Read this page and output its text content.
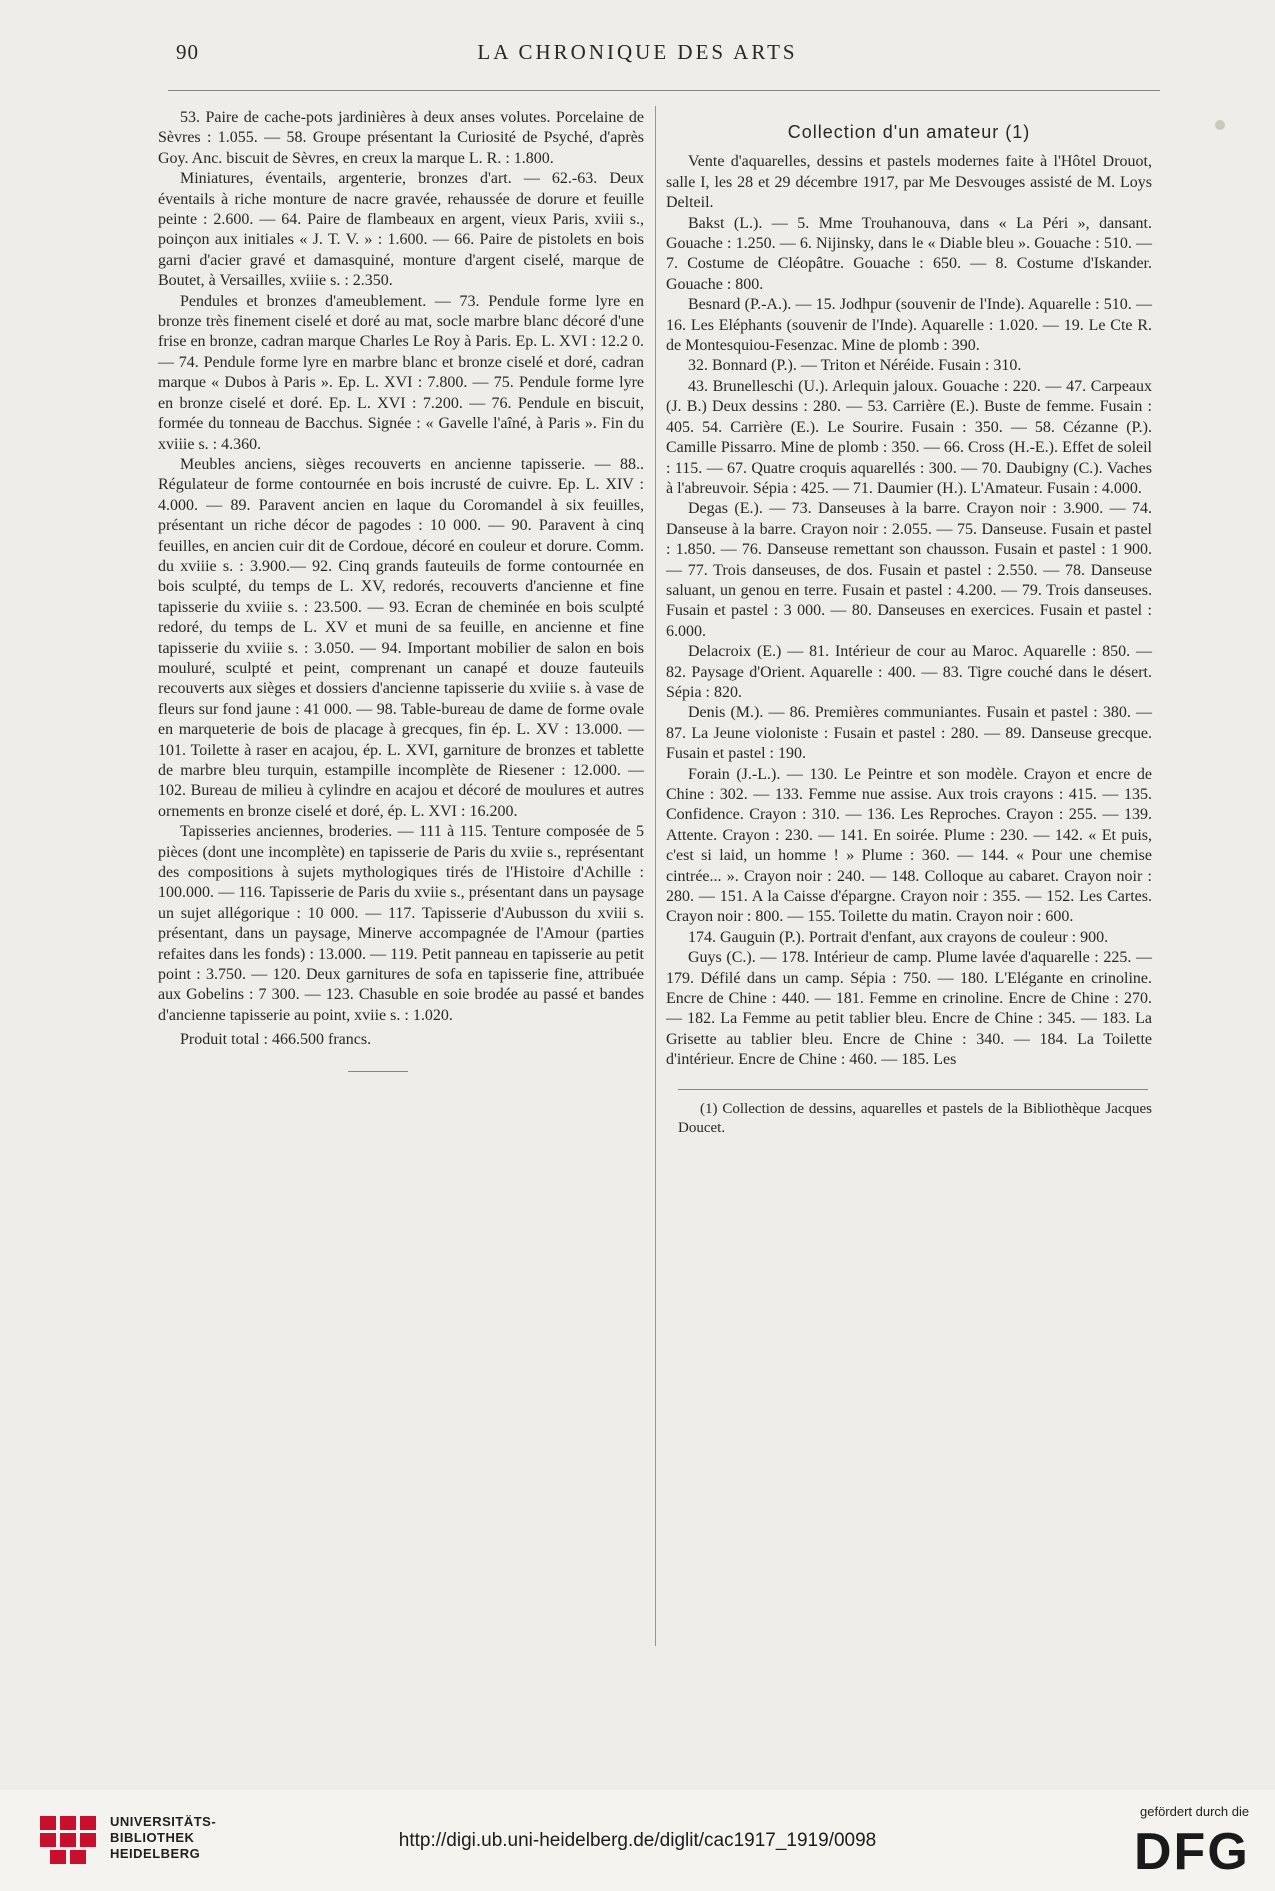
90	LA CHRONIQUE DES ARTS

53. Paire de cache-pots jardinières à deux anses volutes. Porcelaine de Sèvres : 1.055. — 58. Groupe présentant la Curiosité de Psyché, d'après Goy. Anc. biscuit de Sèvres, en creux la marque L. R. : 1.800.

Miniatures, éventails, argenterie, bronzes d'art. — 62.-63. Deux éventails à riche monture de nacre gravée, rehaussée de dorure et feuille peinte : 2.600. — 64. Paire de flambeaux en argent, vieux Paris, xviii s., poinçon aux initiales « J. T. V. » : 1.600. — 66. Paire de pistolets en bois garni d'acier gravé et damasquiné, monture d'argent ciselé, marque de Boutet, à Versailles, xviiie s. : 2.350.

Pendules et bronzes d'ameublement. — 73. Pendule forme lyre en bronze très finement ciselé et doré au mat, socle marbre blanc décoré d'une frise en bronze, cadran marque Charles Le Roy à Paris. Ep. L. XVI : 12.2 0. — 74. Pendule forme lyre en marbre blanc et bronze ciselé et doré, cadran marque « Dubos à Paris ». Ep. L. XVI : 7.800. — 75. Pendule forme lyre en bronze ciselé et doré. Ep. L. XVI : 7.200. — 76. Pendule en biscuit, formée du tonneau de Bacchus. Signée : « Gavelle l'aîné, à Paris ». Fin du xviiie s. : 4.360.

Meubles anciens, sièges recouverts en ancienne tapisserie. — 88.. Régulateur de forme contournée en bois incrusté de cuivre. Ep. L. XIV : 4.000. — 89. Paravent ancien en laque du Coromandel à six feuilles, présentant un riche décor de pagodes : 10 000. — 90. Paravent à cinq feuilles, en ancien cuir dit de Cordoue, décoré en couleur et dorure. Comm. du xviiie s. : 3.900.— 92. Cinq grands fauteuils de forme contournée en bois sculpté, du temps de L. XV, redorés, recouverts d'ancienne et fine tapisserie du xviiie s. : 23.500. — 93. Ecran de cheminée en bois sculpté redoré, du temps de L. XV et muni de sa feuille, en ancienne et fine tapisserie du xviiie s. : 3.050. — 94. Important mobilier de salon en bois mouluré, sculpté et peint, comprenant un canapé et douze fauteuils recouverts aux sièges et dossiers d'ancienne tapisserie du xviiie s. à vase de fleurs sur fond jaune : 41 000. — 98. Table-bureau de dame de forme ovale en marqueterie de bois de placage à grecques, fin ép. L. XV : 13.000. — 101. Toilette à raser en acajou, ép. L. XVI, garniture de bronzes et tablette de marbre bleu turquin, estampille incomplète de Riesener : 12.000. — 102. Bureau de milieu à cylindre en acajou et décoré de moulures et autres ornements en bronze ciselé et doré, ép. L. XVI : 16.200.

Tapisseries anciennes, broderies. — 111 à 115. Tenture composée de 5 pièces (dont une incomplète) en tapisserie de Paris du xviie s., représentant des compositions à sujets mythologiques tirés de l'Histoire d'Achille : 100.000. — 116. Tapisserie de Paris du xviie s., présentant dans un paysage un sujet allégorique : 10 000. — 117. Tapisserie d'Aubusson du xviii s. présentant, dans un paysage, Minerve accompagnée de l'Amour (parties refaites dans les fonds) : 13.000. — 119. Petit panneau en tapisserie au petit point : 3.750. — 120. Deux garnitures de sofa en tapisserie fine, attribuée aux Gobelins : 7 300. — 123. Chasuble en soie brodée au passé et bandes d'ancienne tapisserie au point, xviie s. : 1.020.

Produit total : 466.500 francs.

Collection d'un amateur (1)

Vente d'aquarelles, dessins et pastels modernes faite à l'Hôtel Drouot, salle I, les 28 et 29 décembre 1917, par Me Desvouges assisté de M. Loys Delteil.

Bakst (L.). — 5. Mme Trouhanouva, dans « La Péri », dansant. Gouache : 1.250. — 6. Nijinsky, dans le « Diable bleu ». Gouache : 510. — 7. Costume de Cléopâtre. Gouache : 650. — 8. Costume d'Iskander. Gouache : 800.

Besnard (P.-A.). — 15. Jodhpur (souvenir de l'Inde). Aquarelle : 510. — 16. Les Eléphants (souvenir de l'Inde). Aquarelle : 1.020. — 19. Le Cte R. de Montesquiou-Fesenzac. Mine de plomb : 390.

32. Bonnard (P.). — Triton et Néréide. Fusain : 310.

43. Brunelleschi (U.). Arlequin jaloux. Gouache : 220. — 47. Carpeaux (J. B.) Deux dessins : 280. — 53. Carrière (E.). Buste de femme. Fusain : 405. 54. Carrière (E.). Le Sourire. Fusain : 350. — 58. Cézanne (P.). Camille Pissarro. Mine de plomb : 350. — 66. Cross (H.-E.). Effet de soleil : 115. — 67. Quatre croquis aquarellés : 300. — 70. Daubigny (C.). Vaches à l'abreuvoir. Sépia : 425. — 71. Daumier (H.). L'Amateur. Fusain : 4.000.

Degas (E.). — 73. Danseuses à la barre. Crayon noir : 3.900. — 74. Danseuse à la barre. Crayon noir : 2.055. — 75. Danseuse. Fusain et pastel : 1.850. — 76. Danseuse remettant son chausson. Fusain et pastel : 1 900. — 77. Trois danseuses, de dos. Fusain et pastel : 2.550. — 78. Danseuse saluant, un genou en terre. Fusain et pastel : 4.200. — 79. Trois danseuses. Fusain et pastel : 3 000. — 80. Danseuses en exercices. Fusain et pastel : 6.000.

Delacroix (E.) — 81. Intérieur de cour au Maroc. Aquarelle : 850. — 82. Paysage d'Orient. Aquarelle : 400. — 83. Tigre couché dans le désert. Sépia : 820.

Denis (M.). — 86. Premières communiantes. Fusain et pastel : 380. — 87. La Jeune violoniste : Fusain et pastel : 280. — 89. Danseuse grecque. Fusain et pastel : 190.

Forain (J.-L.). — 130. Le Peintre et son modèle. Crayon et encre de Chine : 302. — 133. Femme nue assise. Aux trois crayons : 415. — 135. Confidence. Crayon : 310. — 136. Les Reproches. Crayon : 255. — 139. Attente. Crayon : 230. — 141. En soirée. Plume : 230. — 142. « Et puis, c'est si laid, un homme ! » Plume : 360. — 144. « Pour une chemise cintrée... ». Crayon noir : 240. — 148. Colloque au cabaret. Crayon noir : 280. — 151. A la Caisse d'épargne. Crayon noir : 355. — 152. Les Cartes. Crayon noir : 800. — 155. Toilette du matin. Crayon noir : 600.

174. Gauguin (P.). Portrait d'enfant, aux crayons de couleur : 900.

Guys (C.). — 178. Intérieur de camp. Plume lavée d'aquarelle : 225. — 179. Défilé dans un camp. Sépia : 750. — 180. L'Elégante en crinoline. Encre de Chine : 440. — 181. Femme en crinoline. Encre de Chine : 270. — 182. La Femme au petit tablier bleu. Encre de Chine : 345. — 183. La Grisette au tablier bleu. Encre de Chine : 340. — 184. La Toilette d'intérieur. Encre de Chine : 460. — 185. Les

(1) Collection de dessins, aquarelles et pastels de la Bibliothèque Jacques Doucet.

UNIVERSITÄTS-
BIBLIOTHEK
HEIDELBERG
http://digi.ub.uni-heidelberg.de/diglit/cac1917_1919/0098
gefördert durch die
DFG
